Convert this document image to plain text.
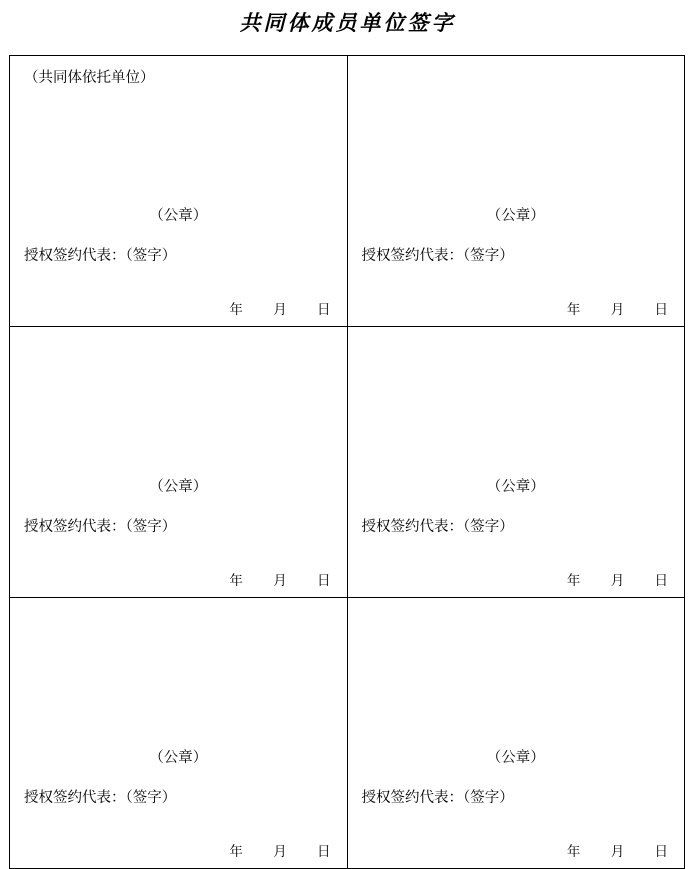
共同体成员单位签字
（共同体依托单位）
（公章）
授权签约代表：（签字）
年 月 日

（公章）
授权签约代表：（签字）
年 月 日

（公章）
授权签约代表：（签字）
年 月 日

（公章）
授权签约代表：（签字）
年 月 日

（公章）
授权签约代表：（签字）
年 月 日

（公章）
授权签约代表：（签字）
年 月 日
